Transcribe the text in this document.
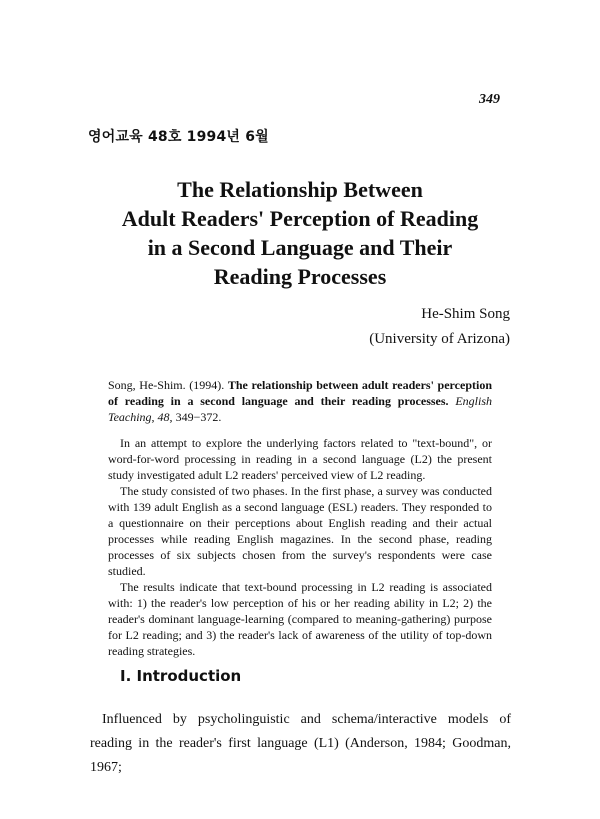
349
영어교육 48호 1994년 6월
The Relationship Between
Adult Readers' Perception of Reading
in a Second Language and Their
Reading Processes
He-Shim Song
(University of Arizona)

Song, He-Shim. (1994). The relationship between adult readers' perception of reading in a second language and their reading processes. English Teaching, 48, 349−372.

In an attempt to explore the underlying factors related to "text-bound", or word-for-word processing in reading in a second language (L2) the present study investigated adult L2 readers' perceived view of L2 reading.

The study consisted of two phases. In the first phase, a survey was conducted with 139 adult English as a second language (ESL) readers. They responded to a questionnaire on their perceptions about English reading and their actual processes while reading English magazines. In the second phase, reading processes of six subjects chosen from the survey's respondents were case studied.

The results indicate that text-bound processing in L2 reading is associated with: 1) the reader's low perception of his or her reading ability in L2; 2) the reader's dominant language-learning (compared to meaning-gathering) purpose for L2 reading; and 3) the reader's lack of awareness of the utility of top-down reading strategies.

I. Introduction

Influenced by psycholinguistic and schema/interactive models of reading in the reader's first language (L1) (Anderson, 1984; Goodman, 1967;
